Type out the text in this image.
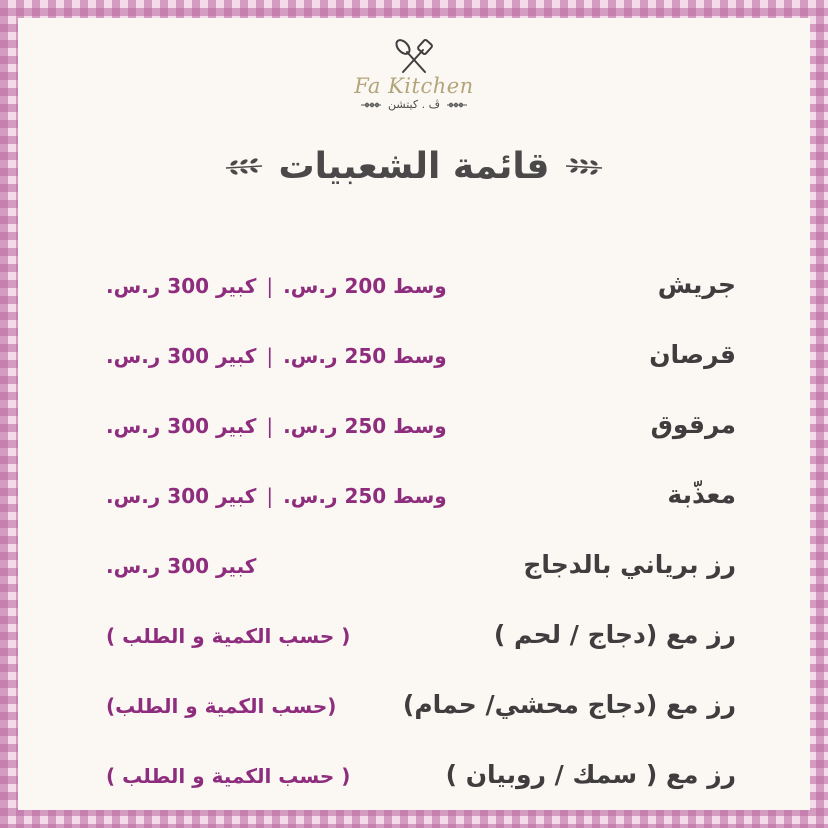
Fa Kitchen
ڤ . كيتشن
قائمة الشعبيات
جريش
وسط 200 ر.س.|كبير 300 ر.س.
قرصان
وسط 250 ر.س.|كبير 300 ر.س.
مرقوق
وسط 250 ر.س.|كبير 300 ر.س.
معذّبة
وسط 250 ر.س.|كبير 300 ر.س.
رز برياني بالدجاج
كبير 300 ر.س.
رز مع (دجاج / لحم )
( حسب الكمية و الطلب )
رز مع (دجاج محشي/ حمام)
(حسب الكمية و الطلب)
رز مع ( سمك / روبيان )
( حسب الكمية و الطلب )
